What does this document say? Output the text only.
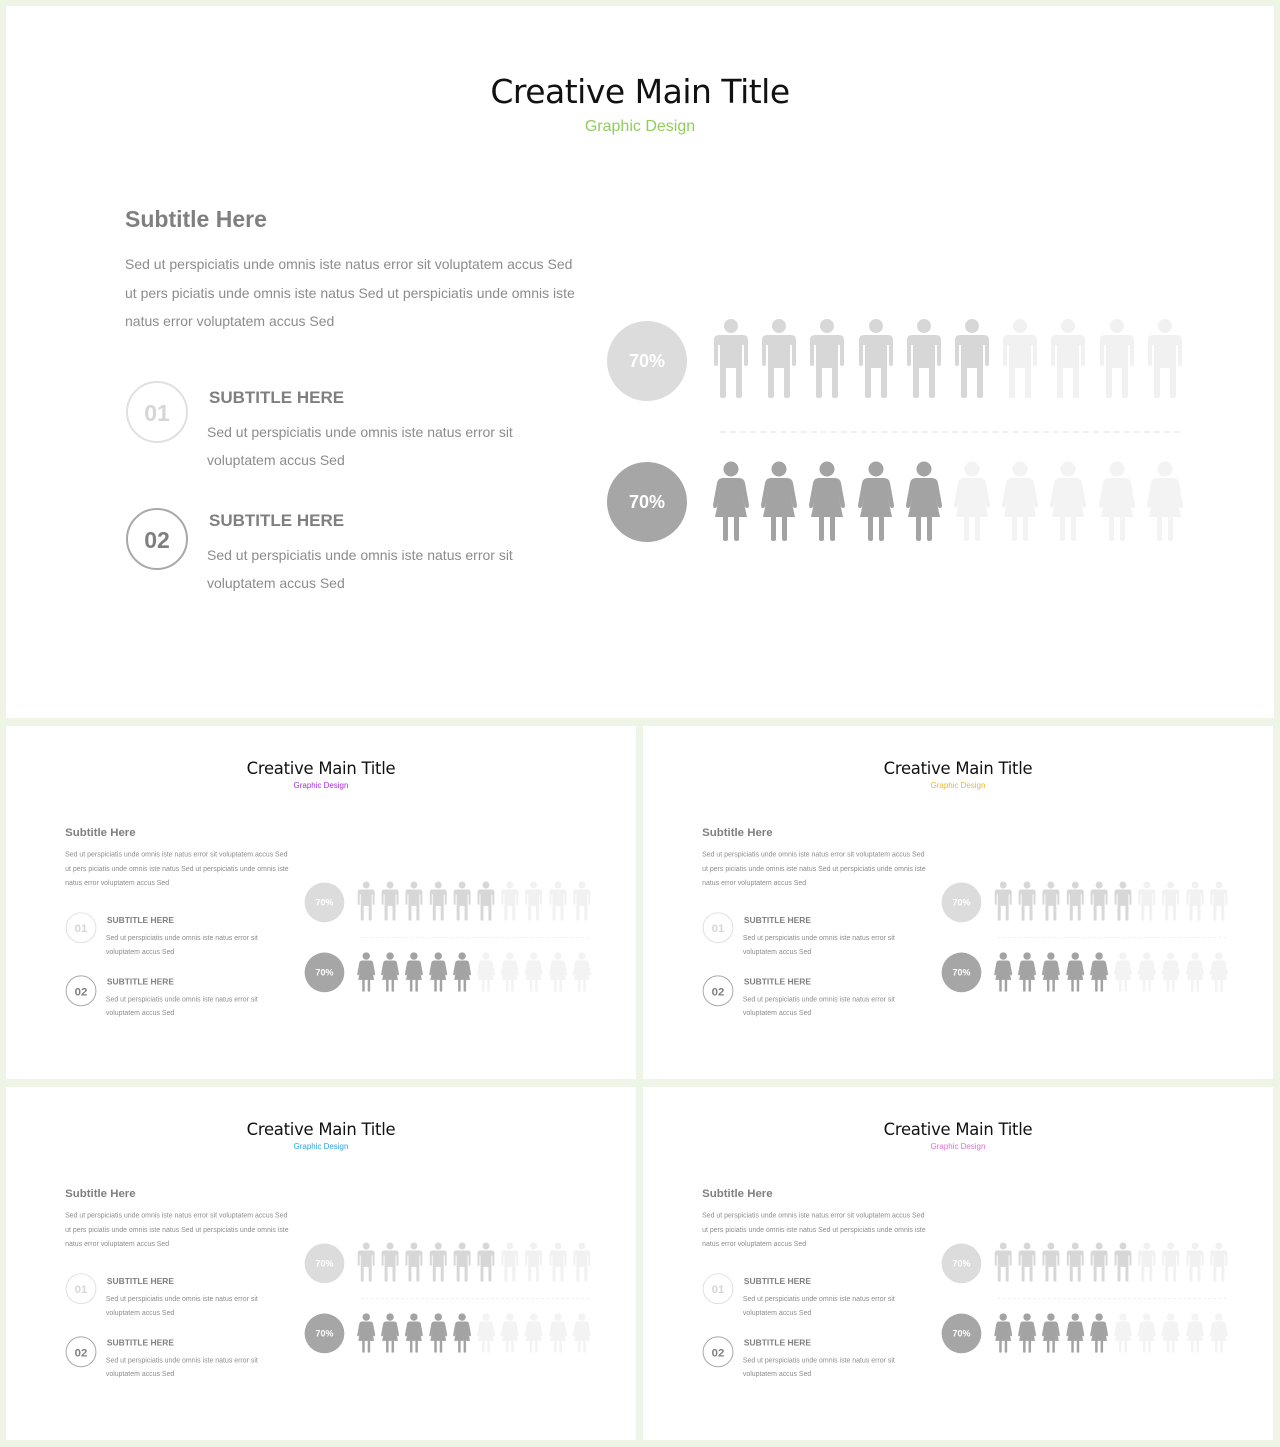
Creative Main Title
Graphic Design
Subtitle Here
Sed ut perspiciatis unde omnis iste natus error sit voluptatem accus Sed ut pers piciatis unde omnis iste natus Sed ut perspiciatis unde omnis iste natus error voluptatem accus Sed
01
SUBTITLE HERE
Sed ut perspiciatis unde omnis iste natus error sit voluptatem accus Sed
02
SUBTITLE HERE
Sed ut perspiciatis unde omnis iste natus error sit voluptatem accus Sed
70%
70%
Creative Main Title
Graphic Design
Subtitle Here
Sed ut perspiciatis unde omnis iste natus error sit voluptatem accus Sed ut pers piciatis unde omnis iste natus Sed ut perspiciatis unde omnis iste natus error voluptatem accus Sed
01
SUBTITLE HERE
Sed ut perspiciatis unde omnis iste natus error sit voluptatem accus Sed
02
SUBTITLE HERE
Sed ut perspiciatis unde omnis iste natus error sit voluptatem accus Sed
70%
70%
Creative Main Title
Graphic Design
Subtitle Here
Sed ut perspiciatis unde omnis iste natus error sit voluptatem accus Sed ut pers piciatis unde omnis iste natus Sed ut perspiciatis unde omnis iste natus error voluptatem accus Sed
01
SUBTITLE HERE
Sed ut perspiciatis unde omnis iste natus error sit voluptatem accus Sed
02
SUBTITLE HERE
Sed ut perspiciatis unde omnis iste natus error sit voluptatem accus Sed
70%
70%
Creative Main Title
Graphic Design
Subtitle Here
Sed ut perspiciatis unde omnis iste natus error sit voluptatem accus Sed ut pers piciatis unde omnis iste natus Sed ut perspiciatis unde omnis iste natus error voluptatem accus Sed
01
SUBTITLE HERE
Sed ut perspiciatis unde omnis iste natus error sit voluptatem accus Sed
02
SUBTITLE HERE
Sed ut perspiciatis unde omnis iste natus error sit voluptatem accus Sed
70%
70%
Creative Main Title
Graphic Design
Subtitle Here
Sed ut perspiciatis unde omnis iste natus error sit voluptatem accus Sed ut pers piciatis unde omnis iste natus Sed ut perspiciatis unde omnis iste natus error voluptatem accus Sed
01
SUBTITLE HERE
Sed ut perspiciatis unde omnis iste natus error sit voluptatem accus Sed
02
SUBTITLE HERE
Sed ut perspiciatis unde omnis iste natus error sit voluptatem accus Sed
70%
70%
